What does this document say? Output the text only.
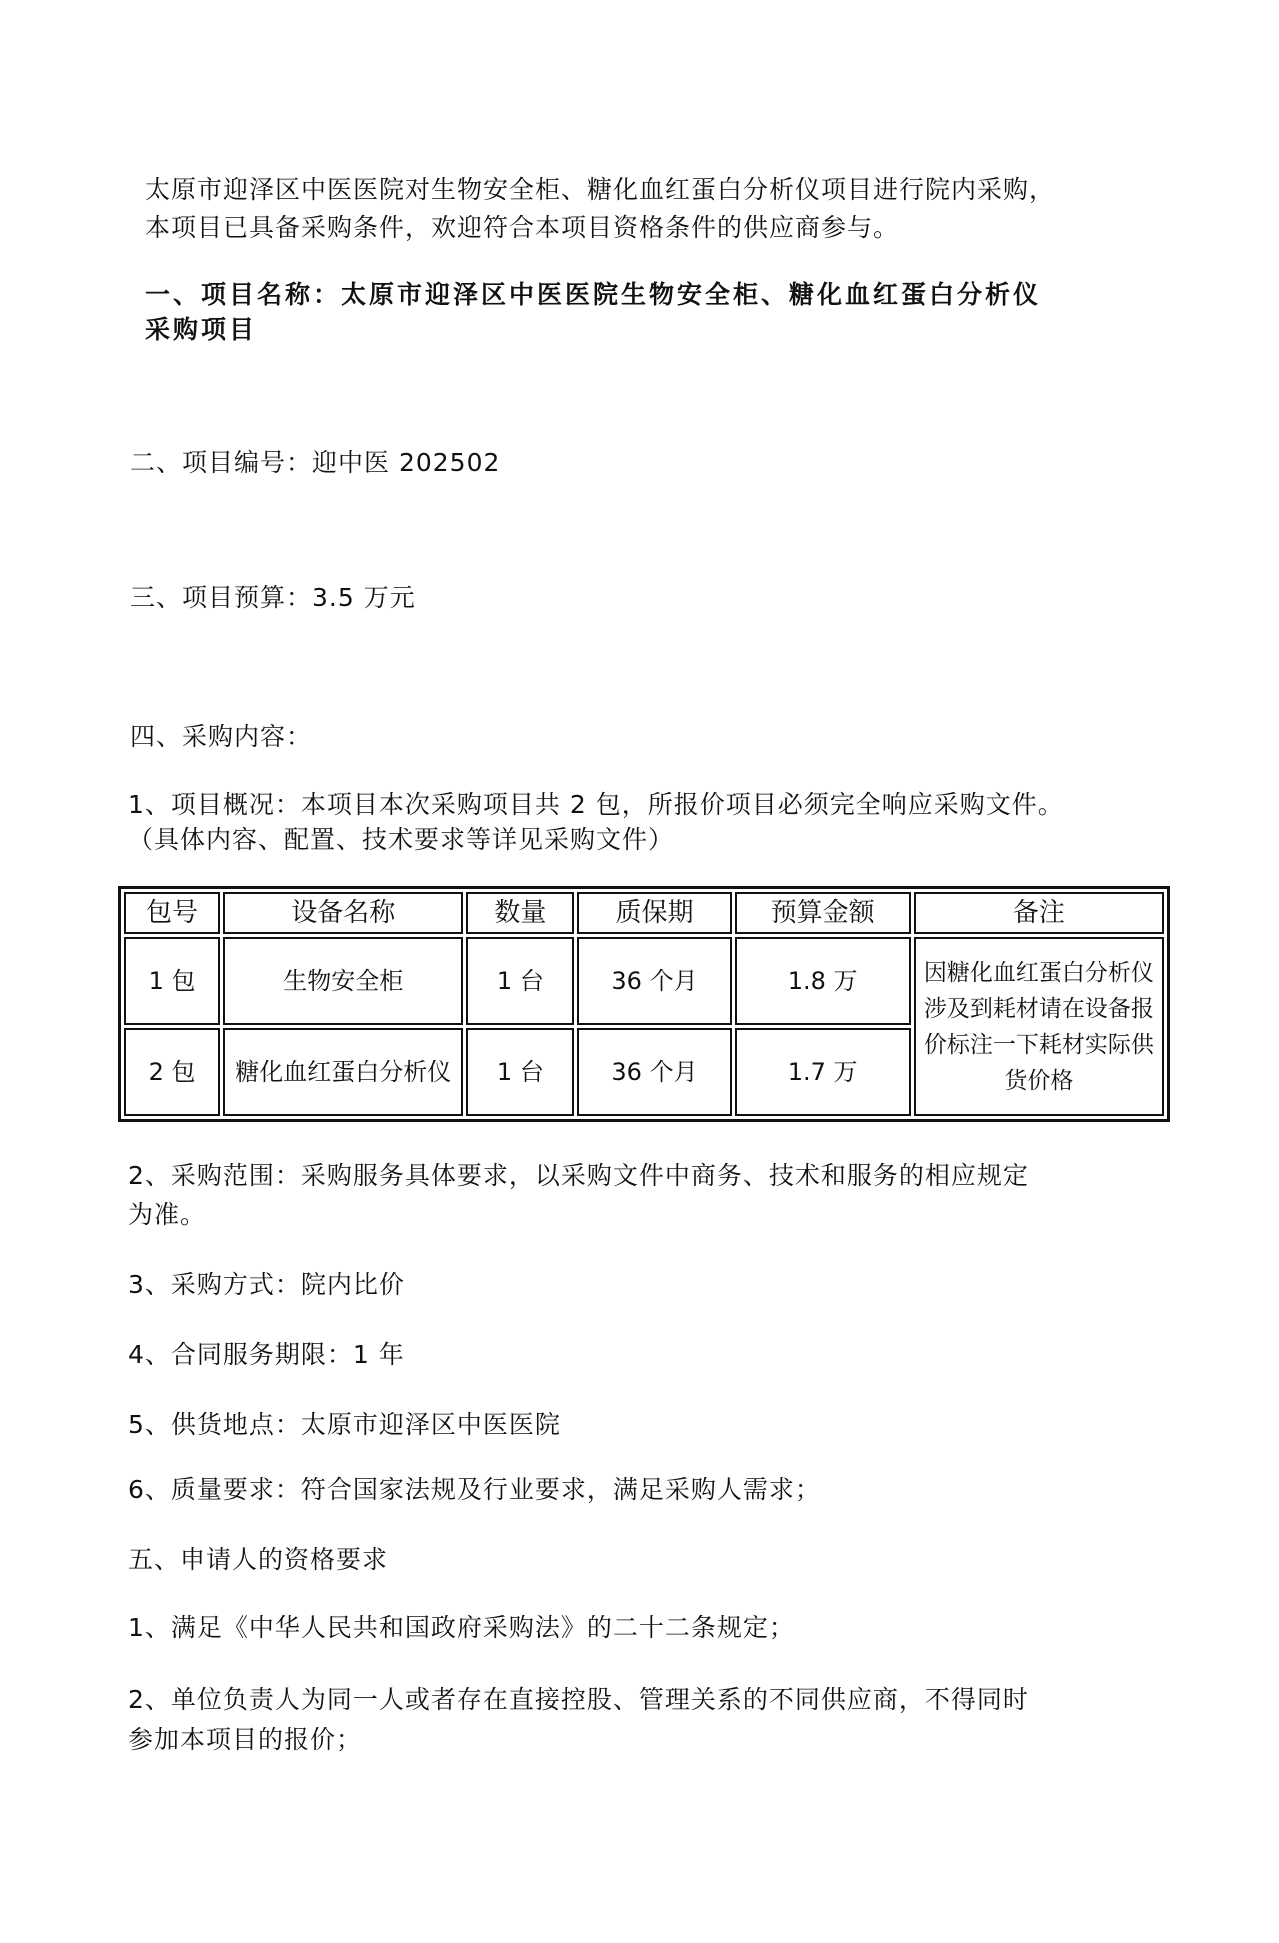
太原市迎泽区中医医院对生物安全柜、糖化血红蛋白分析仪项目进行院内采购，
本项目已具备采购条件，欢迎符合本项目资格条件的供应商参与。
一、项目名称：太原市迎泽区中医医院生物安全柜、糖化血红蛋白分析仪
采购项目
二、项目编号：迎中医 202502
三、项目预算：3.5 万元
四、采购内容：
1、项目概况：本项目本次采购项目共 2 包，所报价项目必须完全响应采购文件。
（具体内容、配置、技术要求等详见采购文件）
包号	设备名称	数量	质保期	预算金额	备注
1 包	生物安全柜	1 台	36 个月	1.8 万	因糖化血红蛋白分析仪涉及到耗材请在设备报价标注一下耗材实际供货价格
2 包	糖化血红蛋白分析仪	1 台	36 个月	1.7 万	
2、采购范围：采购服务具体要求，以采购文件中商务、技术和服务的相应规定
为准。
3、采购方式：院内比价
4、合同服务期限：1 年
5、供货地点：太原市迎泽区中医医院
6、质量要求：符合国家法规及行业要求，满足采购人需求；
五、申请人的资格要求
1、满足《中华人民共和国政府采购法》的二十二条规定；
2、单位负责人为同一人或者存在直接控股、管理关系的不同供应商，不得同时
参加本项目的报价；
